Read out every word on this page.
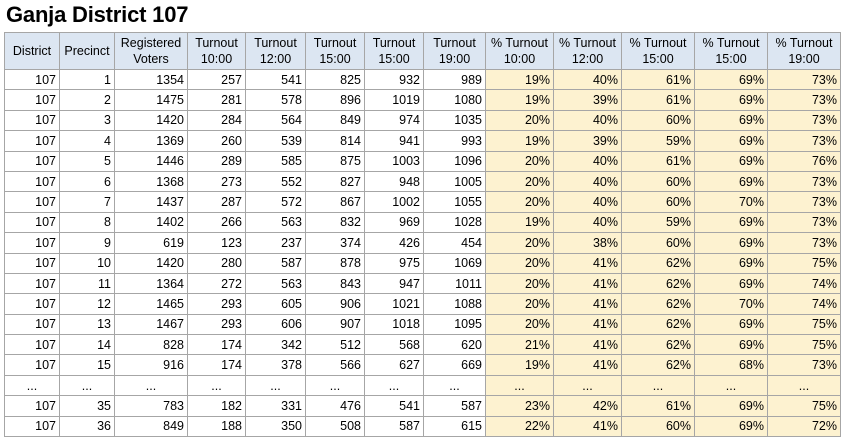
Ganja District 107
District	Precinct	Registered Voters	Turnout 10:00	Turnout 12:00	Turnout 15:00	Turnout 15:00	Turnout 19:00	% Turnout 10:00	% Turnout 12:00	% Turnout 15:00	% Turnout 15:00	% Turnout 19:00
107	1	1354	257	541	825	932	989	19%	40%	61%	69%	73%
107	2	1475	281	578	896	1019	1080	19%	39%	61%	69%	73%
107	3	1420	284	564	849	974	1035	20%	40%	60%	69%	73%
107	4	1369	260	539	814	941	993	19%	39%	59%	69%	73%
107	5	1446	289	585	875	1003	1096	20%	40%	61%	69%	76%
107	6	1368	273	552	827	948	1005	20%	40%	60%	69%	73%
107	7	1437	287	572	867	1002	1055	20%	40%	60%	70%	73%
107	8	1402	266	563	832	969	1028	19%	40%	59%	69%	73%
107	9	619	123	237	374	426	454	20%	38%	60%	69%	73%
107	10	1420	280	587	878	975	1069	20%	41%	62%	69%	75%
107	11	1364	272	563	843	947	1011	20%	41%	62%	69%	74%
107	12	1465	293	605	906	1021	1088	20%	41%	62%	70%	74%
107	13	1467	293	606	907	1018	1095	20%	41%	62%	69%	75%
107	14	828	174	342	512	568	620	21%	41%	62%	69%	75%
107	15	916	174	378	566	627	669	19%	41%	62%	68%	73%
...	...	...	...	...	...	...	...	...	...	...	...	...
107	35	783	182	331	476	541	587	23%	42%	61%	69%	75%
107	36	849	188	350	508	587	615	22%	41%	60%	69%	72%
